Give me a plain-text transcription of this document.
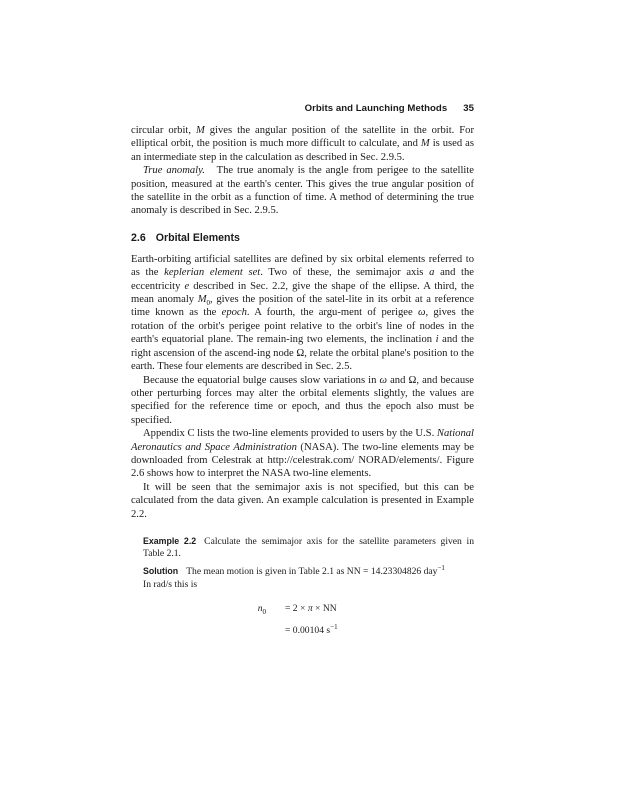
Orbits and Launching Methods 35

circular orbit, M gives the angular position of the satellite in the orbit. For elliptical orbit, the position is much more difficult to calculate, and M is used as an intermediate step in the calculation as described in Sec. 2.9.5.

True anomaly. The true anomaly is the angle from perigee to the satellite position, measured at the earth's center. This gives the true angular position of the satellite in the orbit as a function of time. A method of determining the true anomaly is described in Sec. 2.9.5.

2.6 Orbital Elements

Earth-orbiting artificial satellites are defined by six orbital elements referred to as the keplerian element set. Two of these, the semimajor axis a and the eccentricity e described in Sec. 2.2, give the shape of the ellipse. A third, the mean anomaly $M_0$, gives the position of the satel-lite in its orbit at a reference time known as the epoch. A fourth, the argu-ment of perigee ω, gives the rotation of the orbit's perigee point relative to the orbit's line of nodes in the earth's equatorial plane. The remain-ing two elements, the inclination i and the right ascension of the ascend-ing node Ω, relate the orbital plane's position to the earth. These four elements are described in Sec. 2.5.

Because the equatorial bulge causes slow variations in ω and Ω, and because other perturbing forces may alter the orbital elements slightly, the values are specified for the reference time or epoch, and thus the epoch also must be specified.

Appendix C lists the two-line elements provided to users by the U.S. National Aeronautics and Space Administration (NASA). The two-line elements may be downloaded from Celestrak at http://celestrak.com/ NORAD/elements/. Figure 2.6 shows how to interpret the NASA two-line elements.

It will be seen that the semimajor axis is not specified, but this can be calculated from the data given. An example calculation is presented in Example 2.2.

Example 2.2 Calculate the semimajor axis for the satellite parameters given in Table 2.1.

Solution The mean motion is given in Table 2.1 as NN = 14.23304826 day$^{-1}$
In rad/s this is

$n_0 = 2 \times \pi$ × NN
= 0.00104 $s^{-1}$
